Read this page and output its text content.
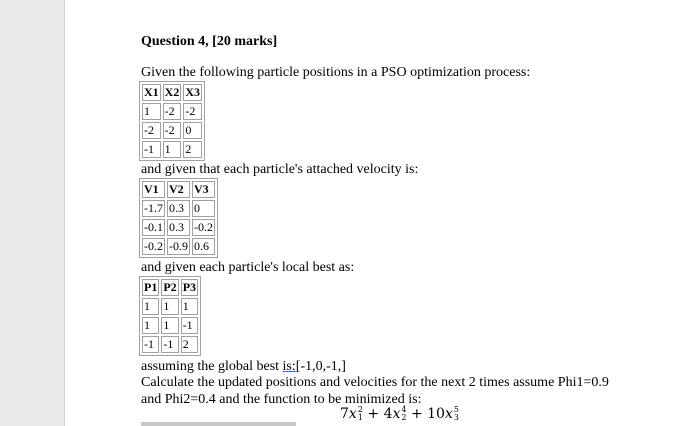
Question 4, [20 marks]
Given the following particle positions in a PSO optimization process:
X1	X2	X3
1	-2	-2
-2	-2	0
-1	1	2
and given that each particle's attached velocity is:
V1	V2	V3
-1.7	0.3	0
-0.1	0.3	-0.2
-0.2	-0.9	0.6
and given each particle's local best as:
P1	P2	P3
1	1	1
1	1	-1
-1	-1	2
assuming the global best is:[-1,0,-1,]
Calculate the updated positions and velocities for the next 2 times assume Phi1=0.9
and Phi2=0.4 and the function to be minimized is:
7x 2
1 + 4x 4
2 + 10x 5
3
